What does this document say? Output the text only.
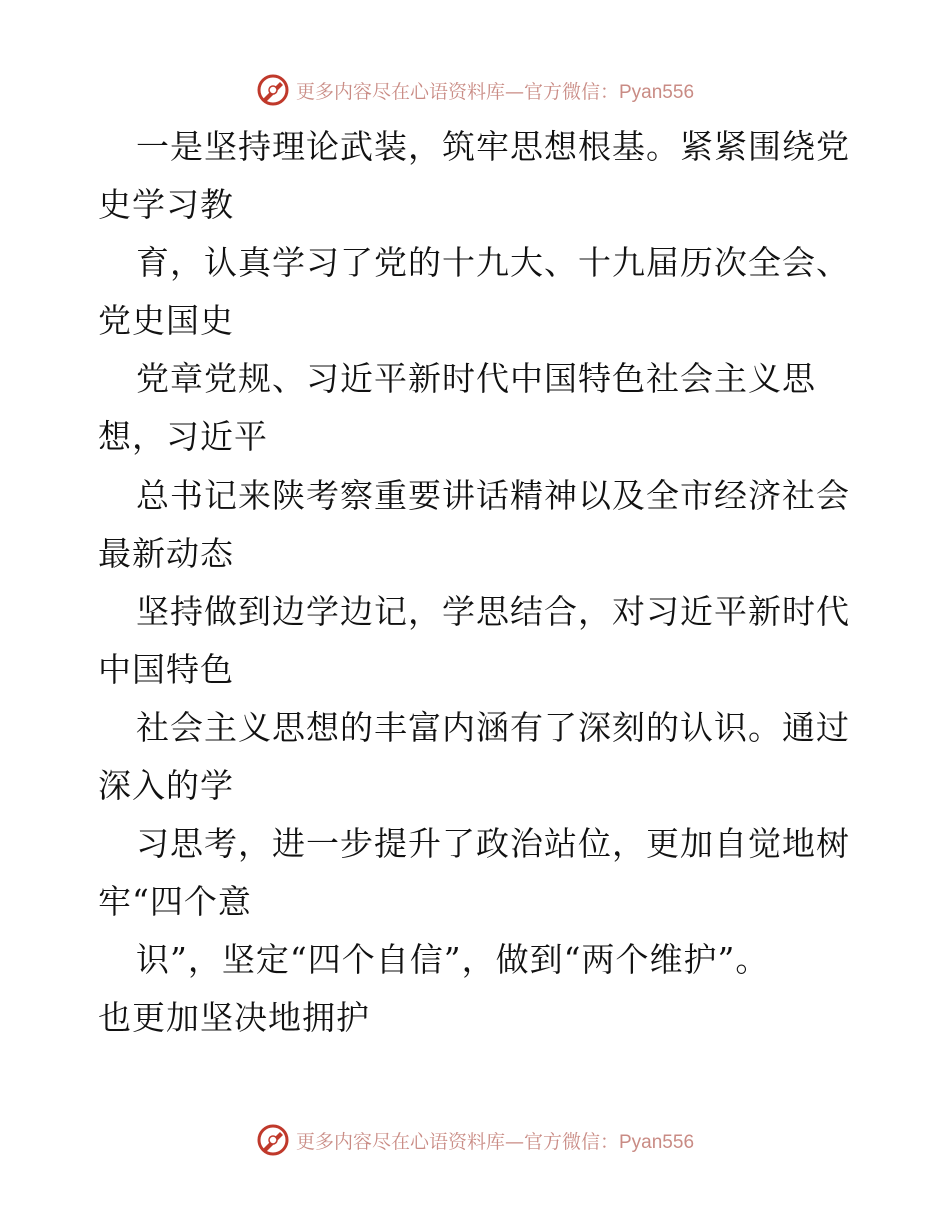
更多内容尽在心语资料库—官方微信：Pyan556
一是坚持理论武装，筑牢思想根基。紧紧围绕党
史学习教
育，认真学习了党的十九大、十九届历次全会、
党史国史
党章党规、习近平新时代中国特色社会主义思
想，习近平
总书记来陕考察重要讲话精神以及全市经济社会
最新动态
坚持做到边学边记，学思结合，对习近平新时代
中国特色
社会主义思想的丰富内涵有了深刻的认识。通过
深入的学
习思考，进一步提升了政治站位，更加自觉地树
牢“四个意
识”，坚定“四个自信”，做到“两个维护”。
也更加坚决地拥护
更多内容尽在心语资料库—官方微信：Pyan556
